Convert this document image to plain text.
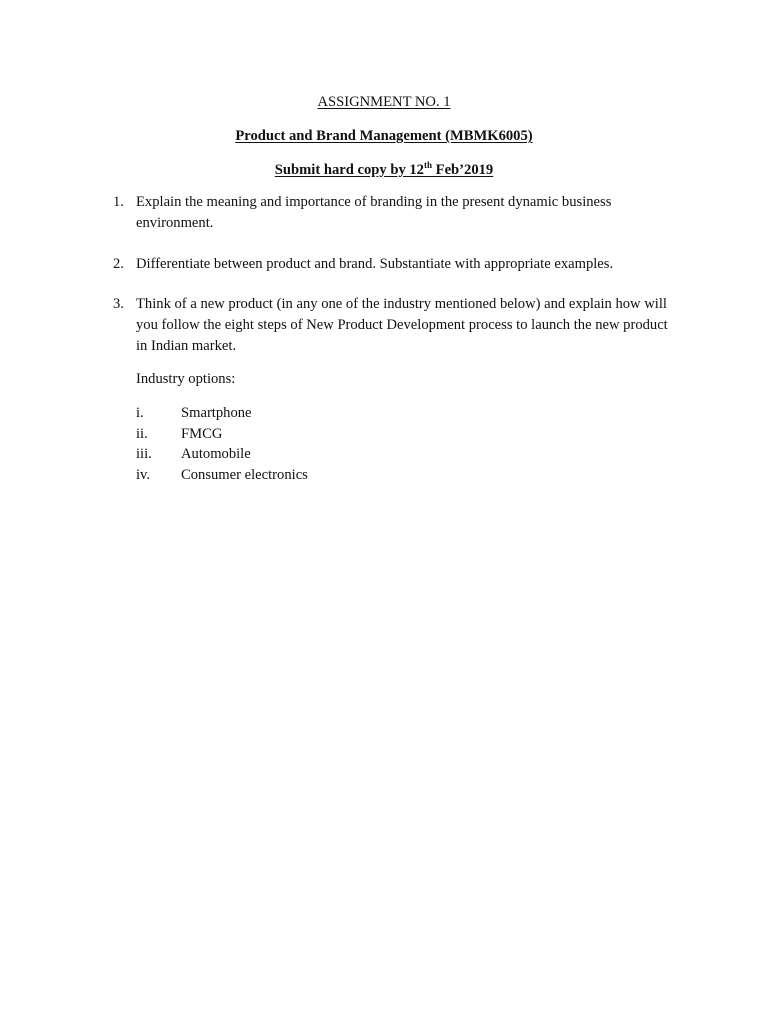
ASSIGNMENT NO. 1
Product and Brand Management (MBMK6005)
Submit hard copy by 12th Feb’2019
1. Explain the meaning and importance of branding in the present dynamic business environment.
2. Differentiate between product and brand. Substantiate with appropriate examples.
3. Think of a new product (in any one of the industry mentioned below) and explain how will you follow the eight steps of New Product Development process to launch the new product in Indian market.
Industry options:
i.	Smartphone
ii. FMCG
iii. Automobile
iv. Consumer electronics
